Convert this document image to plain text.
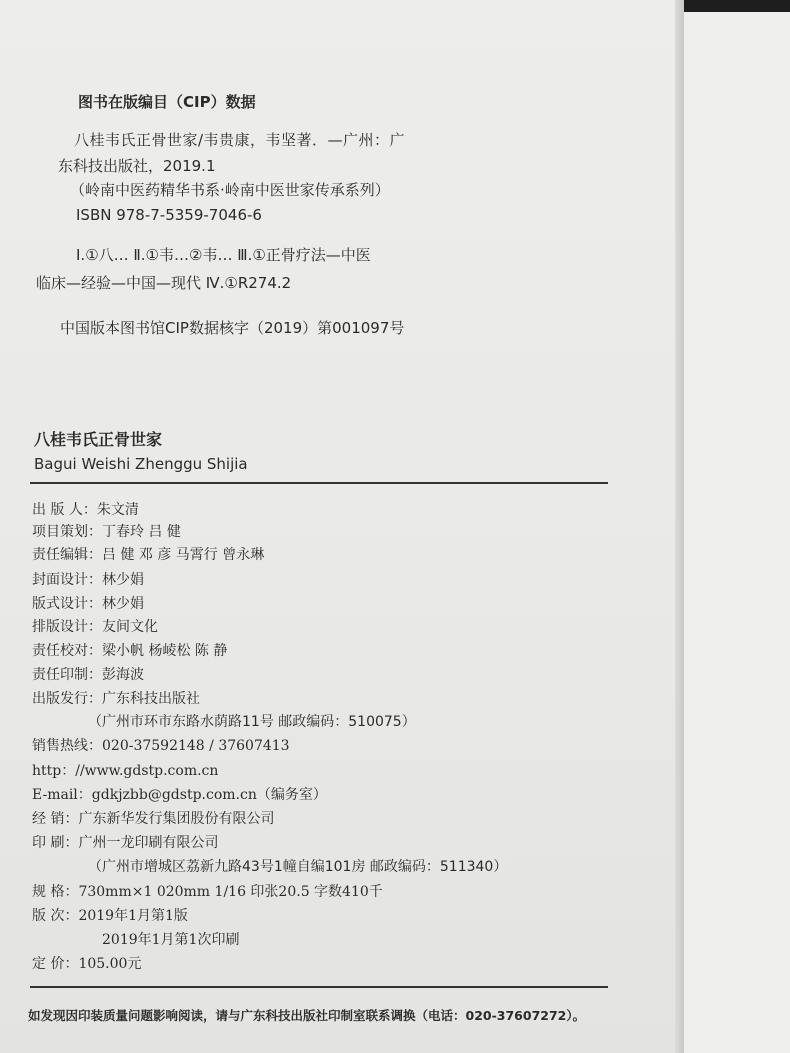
图书在版编目（CIP）数据
八桂韦氏正骨世家/韦贵康，韦坚著．—广州：广
东科技出版社，2019.1
（岭南中医药精华书系·岭南中医世家传承系列）
ISBN 978-7-5359-7046-6
Ⅰ.①八… Ⅱ.①韦…②韦… Ⅲ.①正骨疗法—中医
临床—经验—中国—现代 Ⅳ.①R274.2
中国版本图书馆CIP数据核字（2019）第001097号
八桂韦氏正骨世家
Bagui Weishi Zhenggu Shijia
出 版 人：朱文清
项目策划：丁春玲 吕 健
责任编辑：吕 健 邓 彦 马霄行 曾永琳
封面设计：林少娟
版式设计：林少娟
排版设计：友间文化
责任校对：梁小帆 杨崚松 陈 静
责任印制：彭海波
出版发行：广东科技出版社
（广州市环市东路水荫路11号 邮政编码：510075）
销售热线：020-37592148 / 37607413
http：//www.gdstp.com.cn
E-mail：gdkjzbb@gdstp.com.cn（编务室）
经 销：广东新华发行集团股份有限公司
印 刷：广州一龙印刷有限公司
（广州市增城区荔新九路43号1幢自编101房 邮政编码：511340）
规 格：730mm×1 020mm 1/16 印张20.5 字数410千
版 次：2019年1月第1版
2019年1月第1次印刷
定 价：105.00元
如发现因印装质量问题影响阅读，请与广东科技出版社印制室联系调换（电话：020-37607272）。
